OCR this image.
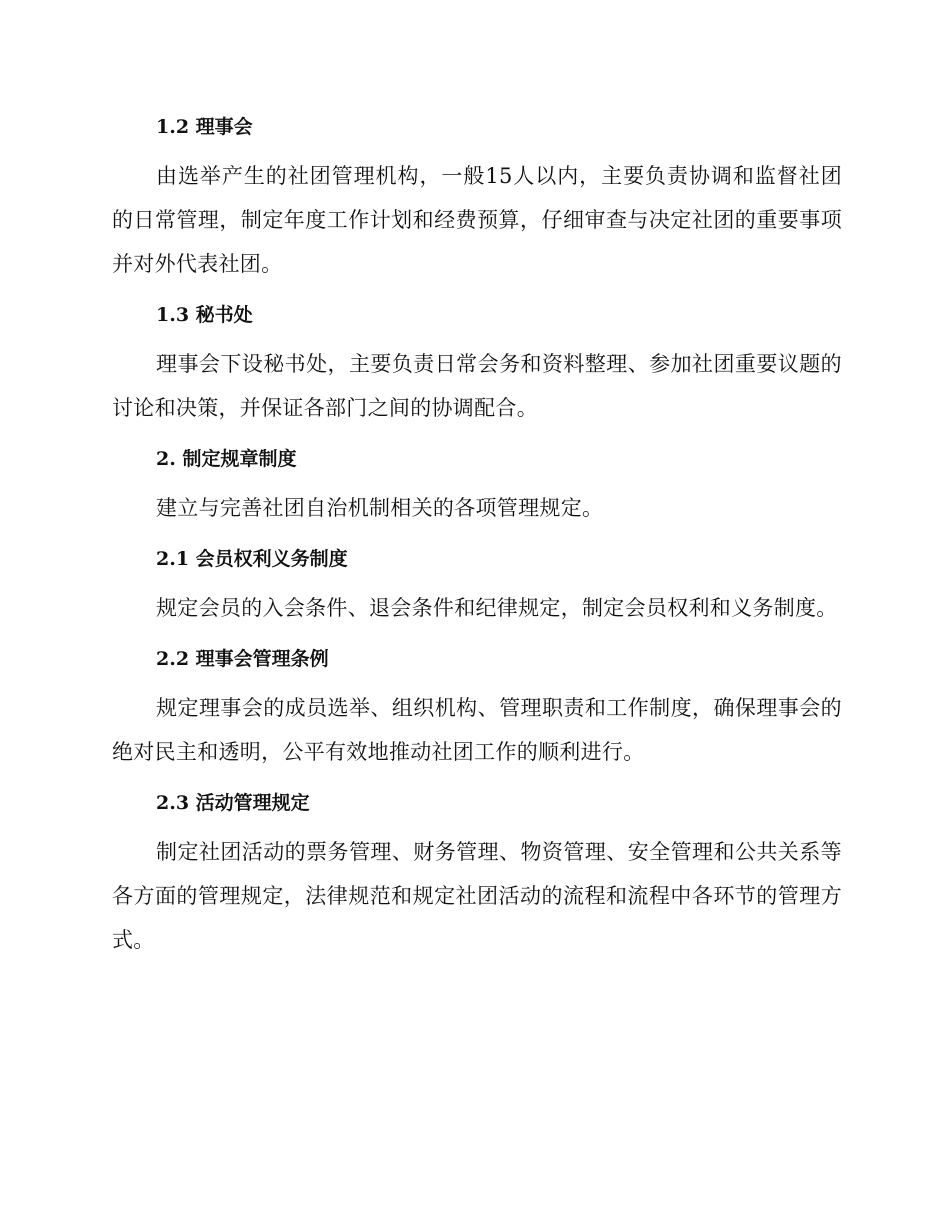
1.2 理事会

由选举产生的社团管理机构，一般15人以内，主要负责协调和监督社团的日常管理，制定年度工作计划和经费预算，仔细审查与决定社团的重要事项并对外代表社团。

1.3 秘书处

理事会下设秘书处，主要负责日常会务和资料整理、参加社团重要议题的讨论和决策，并保证各部门之间的协调配合。

2. 制定规章制度

建立与完善社团自治机制相关的各项管理规定。

2.1 会员权利义务制度

规定会员的入会条件、退会条件和纪律规定，制定会员权利和义务制度。

2.2 理事会管理条例

规定理事会的成员选举、组织机构、管理职责和工作制度，确保理事会的绝对民主和透明，公平有效地推动社团工作的顺利进行。

2.3 活动管理规定

制定社团活动的票务管理、财务管理、物资管理、安全管理和公共关系等各方面的管理规定，法律规范和规定社团活动的流程和流程中各环节的管理方式。
